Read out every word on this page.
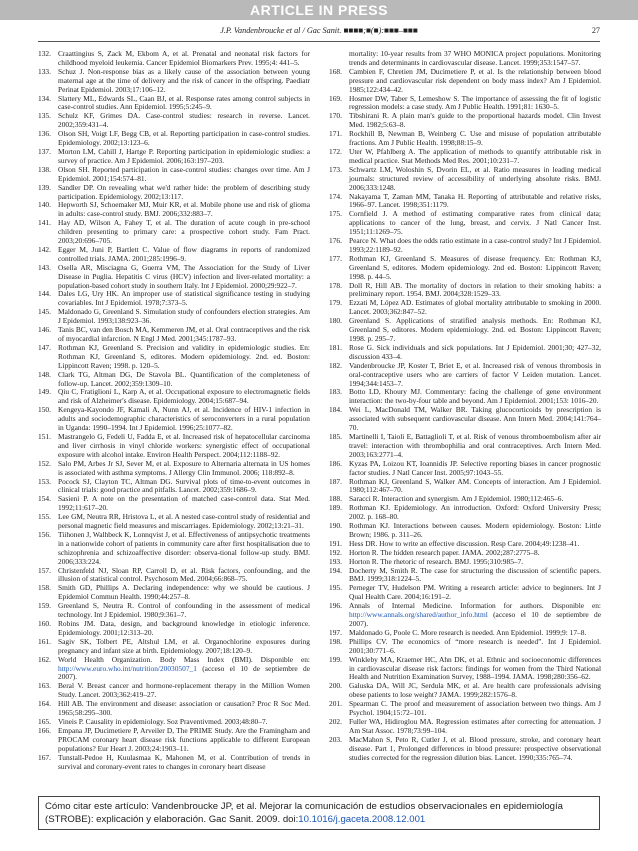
ARTICLE IN PRESS
J.P. Vandenbroucke et al / Gac Sanit. ■■■■;■(■):■■■–■■■	27

132. Craattingius S, Zack M, Ekbom A, et al. Prenatal and neonatal risk factors for childhood myeloid leukemia. Cancer Epidemiol Biomarkers Prev. 1995;4: 441–5.

133. Schuz J. Non-response bias as a likely cause of the association between young maternal age at the time of delivery and the risk of cancer in the offspring. Paediatr Perinat Epidemiol. 2003;17:106–12.

134. Slattery ML, Edwards SL, Caan BJ, et al. Response rates among control subjects in case-control studies. Ann Epidemiol. 1995;5:245–9.

135. Schulz KF, Grimes DA. Case-control studies: research in reverse. Lancet. 2002;359:431–4.

136. Olson SH, Voigt LF, Begg CB, et al. Reporting participation in case-control studies. Epidemiology. 2002;13:123–6.

137. Morton LM, Cahill J, Hartge P. Reporting participation in epidemiologic studies: a survey of practice. Am J Epidemiol. 2006;163:197–203.

138. Olson SH. Reported participation in case-control studies: changes over time. Am J Epidemiol. 2001;154:574–81.

139. Sandler DP. On revealing what we'd rather hide: the problem of describing study participation. Epidemiology. 2002;13:117.

140. Hepworth SJ, Schoemaker MJ, Muir KR, et al. Mobile phone use and risk of glioma in adults: case-control study. BMJ. 2006;332:883–7.

141. Hay AD, Wilson A, Fahey T, et al. The duration of acute cough in pre-school children presenting to primary care: a prospective cohort study. Fam Pract. 2003;20:696–705.

142. Egger M, Juni P, Bartlett C. Value of flow diagrams in reports of randomized controlled trials. JAMA. 2001;285:1996–9.

143. Osella AR, Misciagna G, Guerra VM, The Association for the Study of Liver Disease in Puglia. Hepatitis C virus (HCV) infection and liver-related mortality: a population-based cohort study in southern Italy. Int J Epidemiol. 2000;29:922–7.

144. Dales LG, Ury HK. An improper use of statistical significance testing in studying covariables. Int J Epidemiol. 1978;7:373–5.

145. Maldonado G, Greenland S. Simulation study of confounders election strategies. Am J Epidemiol. 1993;138:923–36.

146. Tanis BC, van den Bosch MA, Kemmeren JM, et al. Oral contraceptives and the risk of myocardial infarction. N Engl J Med. 2001;345:1787–93.

147. Rothman KJ, Greenland S. Precision and validity in epidemiologic studies. En: Rothman KJ, Greenland S, editores. Modern epidemiology. 2nd. ed. Boston: Lippincott Raven; 1998. p. 120–5.

148. Clark TG, Altman DG, De Stavola BL. Quantification of the completeness of follow-up. Lancet. 2002;359:1309–10.

149. Qiu C, Fratiglioni L, Karp A, et al. Occupational exposure to electromagnetic fields and risk of Alzheimer's disease. Epidemiology. 2004;15:687–94.

150. Kengeya-Kayondo JF, Kamali A, Nunn AJ, et al. Incidence of HIV-1 infection in adults and sociodemographic characteristics of seroconverters in a rural population in Uganda: 1990–1994. Int J Epidemiol. 1996;25:1077–82.

151. Mastrangelo G, Fedeli U, Fadda E, et al. Increased risk of hepatocellular carcinoma and liver cirrhosis in vinyl chloride workers: synergistic effect of occupational exposure with alcohol intake. Environ Health Perspect. 2004;112:1188–92.

152. Salo PM, Arbes Jr SJ, Sever M, et al. Exposure to Alternaria alternata in US homes is associated with asthma symptoms. J Allergy Clin Immunol. 2006; 118:892–8.

153. Pocock SJ, Clayton TC, Altman DG. Survival plots of time-to-event outcomes in clinical trials: good practice and pitfalls. Lancet. 2002;359:1686–9.

154. Sasieni P. A note on the presentation of matched case-control data. Stat Med. 1992;11:617–20.

155. Lee GM, Neutra RR, Hristova L, et al. A nested case-control study of residential and personal magnetic field measures and miscarriages. Epidemiology. 2002;13:21–31.

156. Tiihonen J, Walhbeck K, Lonnqvist J, et al. Effectiveness of antipsychotic treatments in a nationwide cohort of patients in community care after first hospitalisation due to schizophrenia and schizoaffective disorder: observa-tional follow-up study. BMJ. 2006;333:224.

157. Christenfeld NJ, Sloan RP, Carroll D, et al. Risk factors, confounding, and the illusion of statistical control. Psychosom Med. 2004;66:868–75.

158. Smith GD, Phillips A. Declaring independence: why we should be cautious. J Epidemiol Commun Health. 1990;44:257–8.

159. Greenland S, Neutra R. Control of confounding in the assessment of medical technology. Int J Epidemiol. 1980;9:361–7.

160. Robins JM. Data, design, and background knowledge in etiologic inference. Epidemiology. 2001;12:313–20.

161. Sagiv SK, Tolbert PE, Altshul LM, et al. Organochlorine exposures during pregnancy and infant size at birth. Epidemiology. 2007;18:120–9.

162. World Health Organization. Body Mass Index (BMI). Disponible en: http://www.euro.who.int/nutrition/20030507_1 (acceso el 10 de septiembre de 2007).

163. Beral V. Breast cancer and hormone-replacement therapy in the Million Women Study. Lancet. 2003;362:419–27.

164. Hill AB. The environment and disease: association or causation? Proc R Soc Med. 1965;58:295–300.

165. Vineis P. Causality in epidemiology. Soz Praventivmed. 2003;48:80–7.

166. Empana JP, Ducimetiere P, Arveiler D, The PRIME Study. Are the Framingham and PROCAM coronary heart disease risk functions applicable to different European populations? Eur Heart J. 2003;24:1903–11.

167. Tunstall-Pedoe H, Kuulasmaa K, Mahonen M, et al. Contribution of trends in survival and coronary-event rates to changes in coronary heart disease

mortality: 10-year results from 37 WHO MONICA project populations. Monitoring trends and determinants in cardiovascular disease. Lancet. 1999;353:1547–57.

168. Cambien F, Chretien JM, Ducimetiere P, et al. Is the relationship between blood pressure and cardiovascular risk dependent on body mass index? Am J Epidemiol. 1985;122:434–42.

169. Hosmer DW, Taber S, Lemeshow S. The importance of assessing the fit of logistic regression models: a case study. Am J Public Health. 1991;81: 1630–5.

170. Tibshirani R. A plain man's guide to the proportional hazards model. Clin Invest Med. 1982;5:63–8.

171. Rockhill B, Newman B, Weinberg C. Use and misuse of population attributable fractions. Am J Public Health. 1998;88:15–9.

172. Uter W, Pfahlberg A. The application of methods to quantify attributable risk in medical practice. Stat Methods Med Res. 2001;10:231–7.

173. Schwartz LM, Woloshin S, Dvorin EL, et al. Ratio measures in leading medical journals: structured review of accessibility of underlying absolute risks. BMJ. 2006;333:1248.

174. Nakayama T, Zaman MM, Tanaka H. Reporting of attributable and relative risks, 1966–97. Lancet. 1998;351:1179.

175. Cornfield J. A method of estimating comparative rates from clinical data; applications to cancer of the lung, breast, and cervix. J Natl Cancer Inst. 1951;11:1269–75.

176. Pearce N. What does the odds ratio estimate in a case-control study? Int J Epidemiol. 1993;22:1189–92.

177. Rothman KJ, Greenland S. Measures of disease frequency. En: Rothman KJ, Greenland S, editores. Modern epidemiology. 2nd ed. Boston: Lippincott Raven; 1998. p. 44–5.

178. Doll R, Hill AB. The mortality of doctors in relation to their smoking habits: a preliminary report. 1954. BMJ. 2004;328:1529–33.

179. Ezzati M, López AD. Estimates of global mortality attributable to smoking in 2000. Lancet. 2003;362:847–52.

180. Greenland S. Applications of stratified analysis methods. En: Rothman KJ, Greenland S, editores. Modern epidemiology. 2nd. ed. Boston: Lippincott Raven; 1998. p. 295–7.

181. Rose G. Sick individuals and sick populations. Int J Epidemiol. 2001;30; 427–32, discussion 433–4.

182. Vandenbroucke JP, Koster T, Briet E, et al. Increased risk of venous thrombosis in oral-contraceptive users who are carriers of factor V Leiden mutation. Lancet. 1994;344:1453–7.

183. Botto LD, Khoury MJ. Commentary: facing the challenge of gene environment interaction: the two-by-four table and beyond. Am J Epidemiol. 2001;153: 1016–20.

184. Wei L, MacDonald TM, Walker BR. Taking glucocorticoids by prescription is associated with subsequent cardiovascular disease. Ann Intern Med. 2004;141:764–70.

185. Martinelli I, Taioli E, Battaglioli T, et al. Risk of venous thromboembolism after air travel: interaction with thrombophilia and oral contraceptives. Arch Intern Med. 2003;163:2771–4.

186. Kyzas PA, Loizou KT, Ioannidis JP. Selective reporting biases in cancer prognostic factor studies. J Natl Cancer Inst. 2005;97:1043–55.

187. Rothman KJ, Greenland S, Walker AM. Concepts of interaction. Am J Epidemiol. 1980;112:467–70.

188. Saracci R. Interaction and synergism. Am J Epidemiol. 1980;112:465–6.

189. Rothman KJ. Epidemiology. An introduction. Oxford: Oxford University Press; 2002. p. 168–80.

190. Rothman KJ. Interactions between causes. Modern epidemiology. Boston: Little Brown; 1986. p. 311–26.

191. Hess DR. How to write an effective discussion. Resp Care. 2004;49:1238–41.

192. Horton R. The hidden research paper. JAMA. 2002;287:2775–8.

193. Horton R. The rhetoric of research. BMJ. 1995;310:985–7.

194. Docherty M, Smith R. The case for structuring the discussion of scientific papers. BMJ. 1999;318:1224–5.

195. Perneger TV, Hudelson PM. Writing a research article: advice to beginners. Int J Qual Health Care. 2004;16:191–2.

196. Annals of Internal Medicine. Information for authors. Disponible en: http://www.annals.org/shared/author_info.html (acceso el 10 de septiembre de 2007).

197. Maldonado G, Poole C. More research is needed. Ann Epidemiol. 1999;9: 17–8.

198. Phillips CV. The economics of “more research is needed”. Int J Epidemiol. 2001;30:771–6.

199. Winkleby MA, Kraemer HC, Ahn DK, et al. Ethnic and socioeconomic differences in cardiovascular disease risk factors: findings for women from the Third National Health and Nutrition Examination Survey, 1988–1994. JAMA. 1998;280:356–62.

200. Galuska DA, Will JC, Serdula MK, et al. Are health care professionals advising obese patients to lose weight? JAMA. 1999;282:1576–8.

201. Spearman C. The proof and measurement of association between two things. Am J Psychol. 1904;15:72–101.

202. Fuller WA, Hidiroglou MA. Regression estimates after correcting for attenuation. J Am Stat Assoc. 1978;73:99–104.

203. MacMahon S, Peto R, Cutler J, et al. Blood pressure, stroke, and coronary heart disease. Part 1, Prolonged differences in blood pressure: prospective observational studies corrected for the regression dilution bias. Lancet. 1990;335:765–74.

Cómo citar este artículo: Vandenbroucke JP, et al. Mejorar la comunicación de estudios observacionales en epidemiología (STROBE): explicación y elaboración. Gac Sanit. 2009. doi:10.1016/j.gaceta.2008.12.001
